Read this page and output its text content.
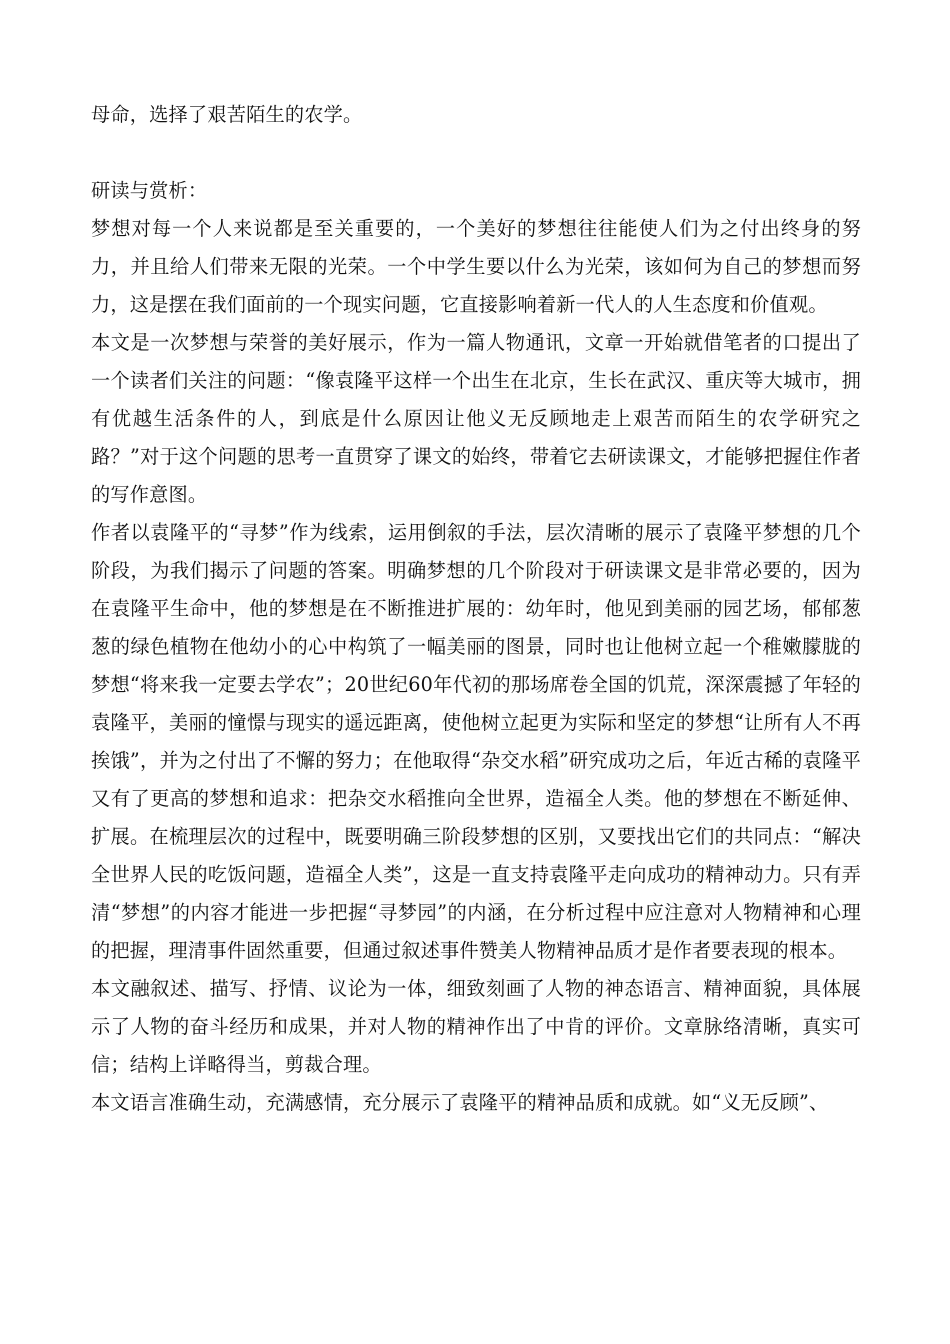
母命，选择了艰苦陌生的农学。

研读与赏析：

梦想对每一个人来说都是至关重要的，一个美好的梦想往往能使人们为之付出终身的努力，并且给人们带来无限的光荣。一个中学生要以什么为光荣，该如何为自己的梦想而努力，这是摆在我们面前的一个现实问题，它直接影响着新一代人的人生态度和价值观。

本文是一次梦想与荣誉的美好展示，作为一篇人物通讯，文章一开始就借笔者的口提出了一个读者们关注的问题：“像袁隆平这样一个出生在北京，生长在武汉、重庆等大城市，拥有优越生活条件的人，到底是什么原因让他义无反顾地走上艰苦而陌生的农学研究之路？”对于这个问题的思考一直贯穿了课文的始终，带着它去研读课文，才能够把握住作者的写作意图。

作者以袁隆平的“寻梦”作为线索，运用倒叙的手法，层次清晰的展示了袁隆平梦想的几个阶段，为我们揭示了问题的答案。明确梦想的几个阶段对于研读课文是非常必要的，因为在袁隆平生命中，他的梦想是在不断推进扩展的：幼年时，他见到美丽的园艺场，郁郁葱葱的绿色植物在他幼小的心中构筑了一幅美丽的图景，同时也让他树立起一个稚嫩朦胧的梦想“将来我一定要去学农”；20世纪60年代初的那场席卷全国的饥荒，深深震撼了年轻的袁隆平，美丽的憧憬与现实的遥远距离，使他树立起更为实际和坚定的梦想“让所有人不再挨饿”，并为之付出了不懈的努力；在他取得“杂交水稻”研究成功之后，年近古稀的袁隆平又有了更高的梦想和追求：把杂交水稻推向全世界，造福全人类。他的梦想在不断延伸、扩展。在梳理层次的过程中，既要明确三阶段梦想的区别，又要找出它们的共同点：“解决全世界人民的吃饭问题，造福全人类”，这是一直支持袁隆平走向成功的精神动力。只有弄清“梦想”的内容才能进一步把握“寻梦园”的内涵，在分析过程中应注意对人物精神和心理的把握，理清事件固然重要，但通过叙述事件赞美人物精神品质才是作者要表现的根本。

本文融叙述、描写、抒情、议论为一体，细致刻画了人物的神态语言、精神面貌，具体展示了人物的奋斗经历和成果，并对人物的精神作出了中肯的评价。文章脉络清晰，真实可信；结构上详略得当，剪裁合理。

本文语言准确生动，充满感情，充分展示了袁隆平的精神品质和成就。如“义无反顾”、
